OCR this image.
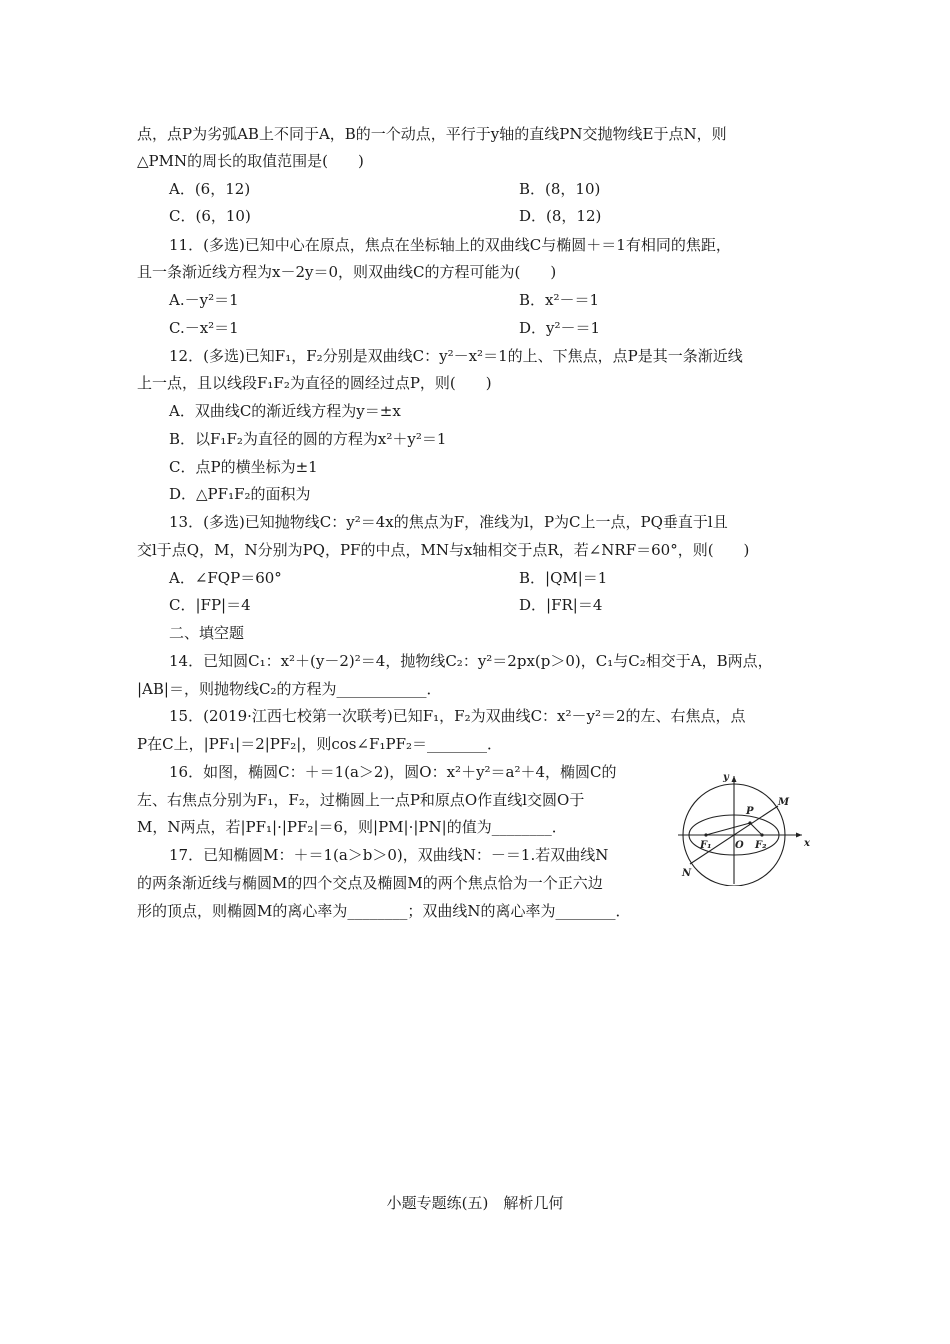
点，点P为劣弧AB上不同于A，B的一个动点，平行于y轴的直线PN交抛物线E于点N，则
△PMN的周长的取值范围是(　　)
A．(6，12)	B．(8，10)
C．(6，10)	D．(8，12)
11．(多选)已知中心在原点，焦点在坐标轴上的双曲线C与椭圆＋＝1有相同的焦距，
且一条渐近线方程为x－2y＝0，则双曲线C的方程可能为(　　)
A.－y²＝1	B．x²－＝1
C.－x²＝1	D．y²－＝1
12．(多选)已知F₁，F₂分别是双曲线C：y²－x²＝1的上、下焦点，点P是其一条渐近线
上一点，且以线段F₁F₂为直径的圆经过点P，则(　　)
A．双曲线C的渐近线方程为y＝±x
B．以F₁F₂为直径的圆的方程为x²＋y²＝1
C．点P的横坐标为±1
D．△PF₁F₂的面积为
13．(多选)已知抛物线C：y²＝4x的焦点为F，准线为l，P为C上一点，PQ垂直于l且
交l于点Q，M，N分别为PQ，PF的中点，MN与x轴相交于点R，若∠NRF＝60°，则(　　)
A．∠FQP＝60°	B．|QM|＝1
C．|FP|＝4	D．|FR|＝4
二、填空题
14．已知圆C₁：x²＋(y－2)²＝4，抛物线C₂：y²＝2px(p＞0)，C₁与C₂相交于A，B两点，
|AB|＝，则抛物线C₂的方程为____________．
15．(2019·江西七校第一次联考)已知F₁，F₂为双曲线C：x²－y²＝2的左、右焦点，点
P在C上，|PF₁|＝2|PF₂|，则cos∠F₁PF₂＝________．
16．如图，椭圆C：＋＝1(a＞2)，圆O：x²＋y²＝a²＋4，椭圆C的
左、右焦点分别为F₁，F₂，过椭圆上一点P和原点O作直线l交圆O于
M，N两点，若|PF₁|·|PF₂|＝6，则|PM|·|PN|的值为________．
17．已知椭圆M：＋＝1(a＞b＞0)，双曲线N：－＝1.若双曲线N
的两条渐近线与椭圆M的四个交点及椭圆M的两个焦点恰为一个正六边
形的顶点，则椭圆M的离心率为________；双曲线N的离心率为________．
y
x
P
M
F₁ O F₂
N
小题专题练(五)　解析几何
